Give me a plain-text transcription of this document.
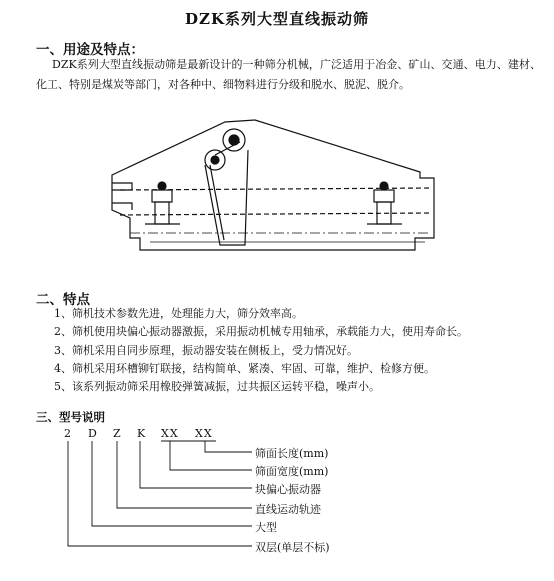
DZK系列大型直线振动筛
一、用途及特点：
DZK系列大型直线振动筛是最新设计的一种筛分机械，广泛适用于冶金、矿山、交通、电力、建材、化工、特别是煤炭等部门，对各种中、细物料进行分级和脱水、脱泥、脱介。
二、特点
1、筛机技术参数先进，处理能力大，筛分效率高。
2、筛机使用块偏心振动器激振，采用振动机械专用轴承，承载能力大，使用寿命长。
3、筛机采用自同步原理，振动器安装在侧板上，受力情况好。
4、筛机采用环槽铆钉联接，结构简单、紧凑、牢固、可靠，维护、检修方便。
5、该系列振动筛采用橡胶弹簧减振，过共振区运转平稳，噪声小。
三、型号说明
2 D Z K XX XX
筛面长度(mm)
筛面宽度(mm)
块偏心振动器
直线运动轨迹
大型
双层(单层不标)
